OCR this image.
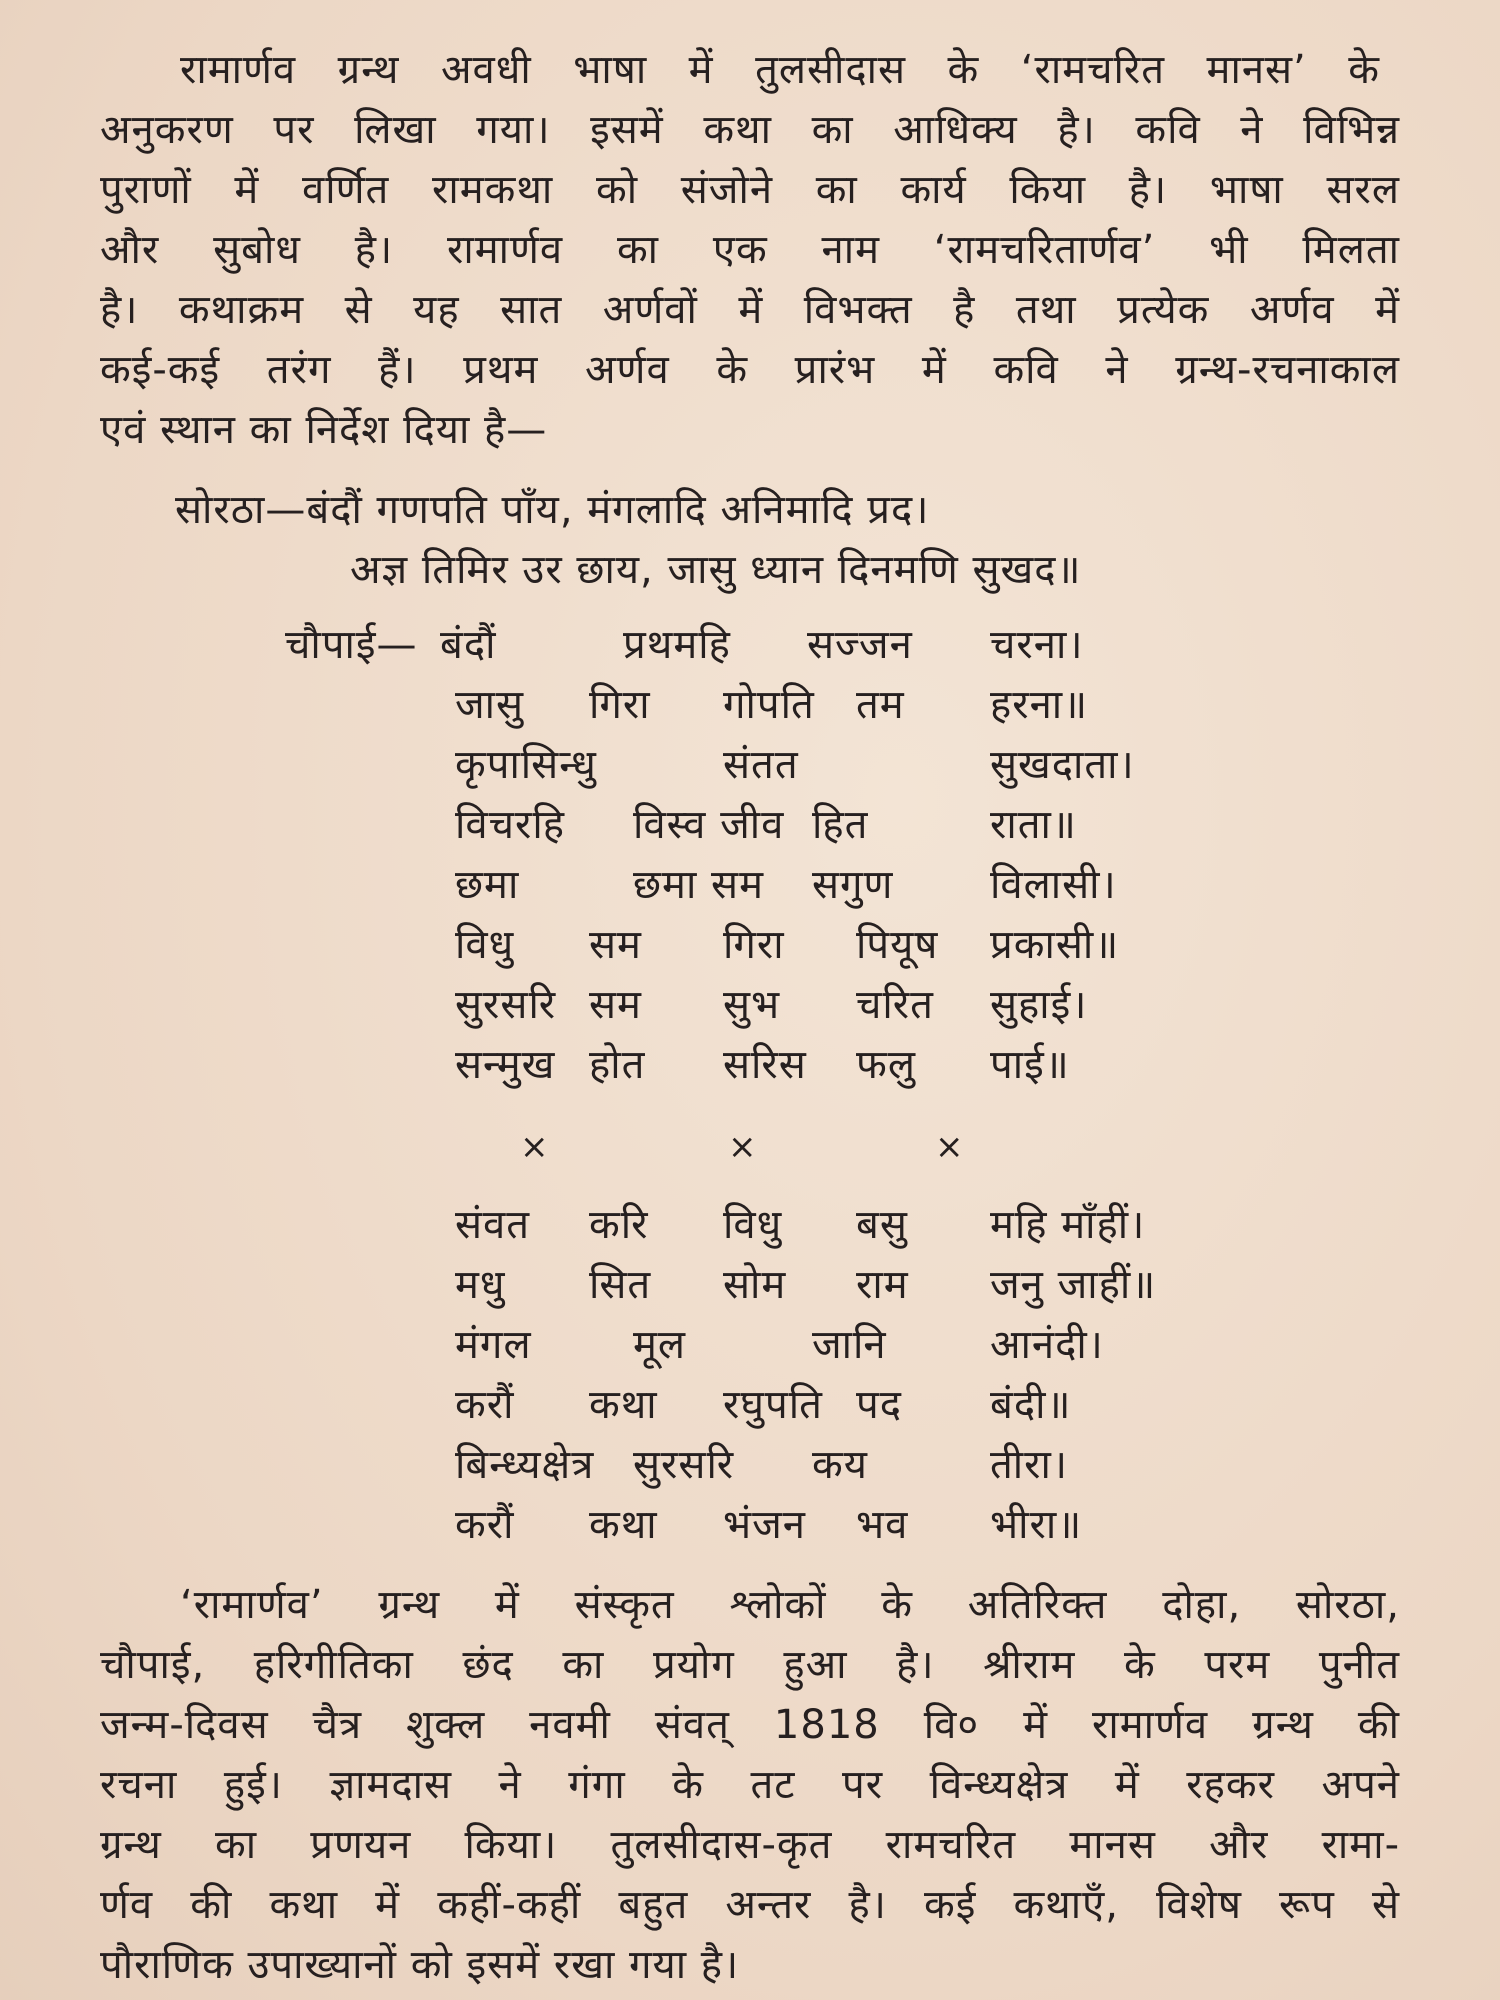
रामार्णव ग्रन्थ अवधी भाषा में तुलसीदास के ‘रामचरित मानस’ के

अनुकरण पर लिखा गया। इसमें कथा का आधिक्य है। कवि ने विभिन्न

पुराणों में वर्णित रामकथा को संजोने का कार्य किया है। भाषा सरल

और सुबोध है। रामार्णव का एक नाम ‘रामचरितार्णव’ भी मिलता

है। कथाक्रम से यह सात अर्णवों में विभक्त है तथा प्रत्येक अर्णव में

कई-कई तरंग हैं। प्रथम अर्णव के प्रारंभ में कवि ने ग्रन्थ-रचनाकाल

एवं स्थान का निर्देश दिया है—

सोरठा—बंदौं गणपति पाँय, मंगलादि अनिमादि प्रद।

अज्ञ तिमिर उर छाय, जासु ध्यान दिनमणि सुखद॥

चौपाई— बंदौं	प्रथमहि सज्जन चरना।
जासु गिरा गोपति तम हरना॥
कृपासिन्धु	संतत	सुखदाता।
विचरहि विस्व जीव हित	राता॥
छमा	छमा सम सगुण विलासी।
विधु सम गिरा पियूष प्रकासी॥
सुरसरि सम सुभ चरित सुहाई।
सन्मुख होत सरिस फलु पाई॥
×	×	×
संवत करि विधु बसु महि माँहीं।
मधु सित सोम राम जनु जाहीं॥
मंगल	मूल	जानि	आनंदी।
करौं कथा रघुपति पद बंदी॥
बिन्ध्यक्षेत्र सुरसरि कय	तीरा।
करौं कथा भंजन भव भीरा॥

‘रामार्णव’ ग्रन्थ में संस्कृत श्लोकों के अतिरिक्त दोहा, सोरठा,

चौपाई, हरिगीतिका छंद का प्रयोग हुआ है। श्रीराम के परम पुनीत

जन्म-दिवस चैत्र शुक्ल नवमी संवत् 1818 वि० में रामार्णव ग्रन्थ की

रचना हुई। ज्ञामदास ने गंगा के तट पर विन्ध्यक्षेत्र में रहकर अपने

ग्रन्थ का प्रणयन किया। तुलसीदास-कृत रामचरित मानस और रामा-

र्णव की कथा में कहीं-कहीं बहुत अन्तर है। कई कथाएँ, विशेष रूप से

पौराणिक उपाख्यानों को इसमें रखा गया है।
